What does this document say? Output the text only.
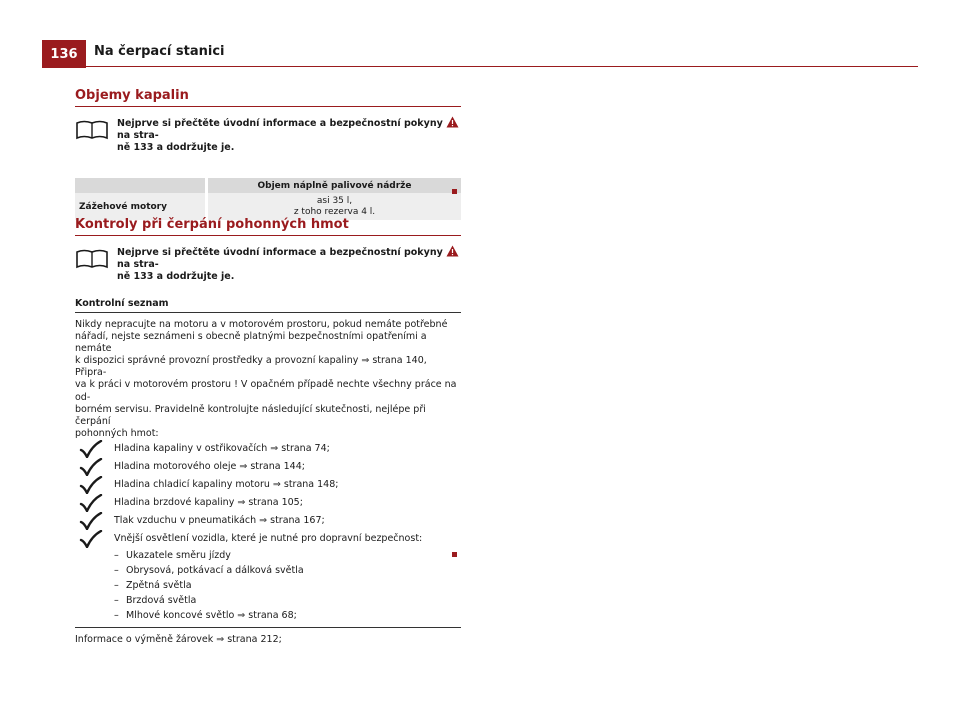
136	Na čerpací stanici
Objemy kapalin
Nejprve si přečtěte úvodní informace a bezpečnostní pokyny  na stra-
ně 133 a dodržujte je.
	Objem náplně palivové nádrže
Zážehové motory	asi 35 l,
z toho rezerva 4 l.
Kontroly při čerpání pohonných hmot
Nejprve si přečtěte úvodní informace a bezpečnostní pokyny  na stra-
ně 133 a dodržujte je.
Kontrolní seznam
Nikdy nepracujte na motoru a v motorovém prostoru, pokud nemáte potřebné
nářadí, nejste seznámeni s obecně platnými bezpečnostními opatřeními a nemáte
k dispozici správné provozní prostředky a provozní kapaliny ⇒ strana 140, Připra-
va k práci v motorovém prostoru ! V opačném případě nechte všechny práce na od-
borném servisu. Pravidelně kontrolujte následující skutečnosti, nejlépe při čerpání
pohonných hmot:
Hladina kapaliny v ostřikovačích ⇒ strana 74;
Hladina motorového oleje ⇒ strana 144;
Hladina chladicí kapaliny motoru ⇒ strana 148;
Hladina brzdové kapaliny ⇒ strana 105;
Tlak vzduchu v pneumatikách ⇒ strana 167;
Vnější osvětlení vozidla, které je nutné pro dopravní bezpečnost:
– Ukazatele směru jízdy
– Obrysová, potkávací a dálková světla
– Zpětná světla
– Brzdová světla
– Mlhové koncové světlo ⇒ strana 68;
Informace o výměně žárovek ⇒ strana 212;
